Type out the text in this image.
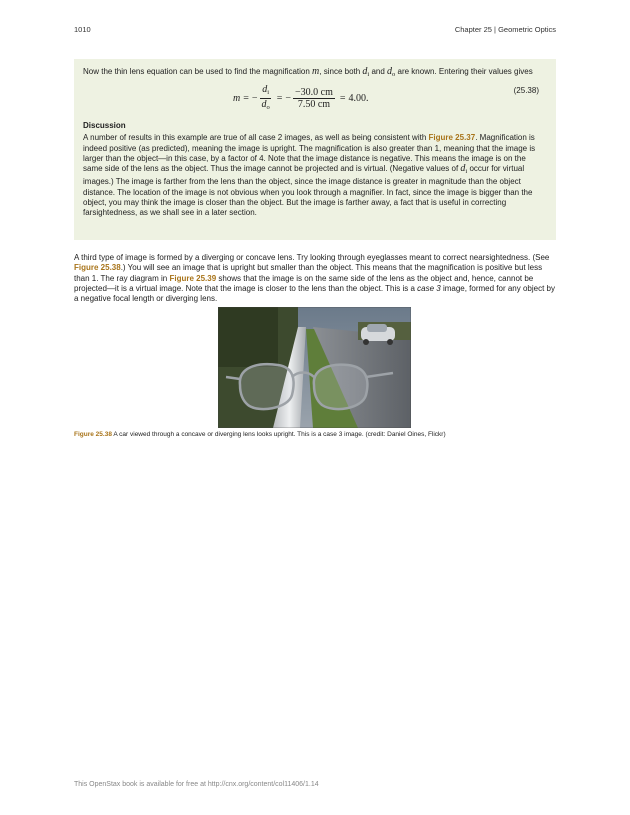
1010	Chapter 25 | Geometric Optics

Now the thin lens equation can be used to find the magnification m, since both $d_i$ and $d_o$ are known. Entering their values gives

m = − $\frac{d_i}{d_o}$ = − $\frac{-30.0 cm}{7.50 cm} = 4.00$.
(25.38)
Discussion

A number of results in this example are true of all case 2 images, as well as being consistent with Figure 25.37. Magnification is indeed positive (as predicted), meaning the image is upright. The magnification is also greater than 1, meaning that the image is larger than the object—in this case, by a factor of 4. Note that the image distance is negative. This means the image is on the same side of the lens as the object. Thus the image cannot be projected and is virtual. (Negative values of $d_i$ occur for virtual images.) The image is farther from the lens than the object, since the image distance is greater in magnitude than the object distance. The location of the image is not obvious when you look through a magnifier. In fact, since the image is bigger than the object, you may think the image is closer than the object. But the image is farther away, a fact that is useful in correcting farsightedness, as we shall see in a later section.

A third type of image is formed by a diverging or concave lens. Try looking through eyeglasses meant to correct nearsightedness. (See Figure 25.38.) You will see an image that is upright but smaller than the object. This means that the magnification is positive but less than 1. The ray diagram in Figure 25.39 shows that the image is on the same side of the lens as the object and, hence, cannot be projected—it is a virtual image. Note that the image is closer to the lens than the object. This is a case 3 image, formed for any object by a negative focal length or diverging lens.

Figure 25.38 A car viewed through a concave or diverging lens looks upright. This is a case 3 image. (credit: Daniel Oines, Flickr)
This OpenStax book is available for free at http://cnx.org/content/col11406/1.14
